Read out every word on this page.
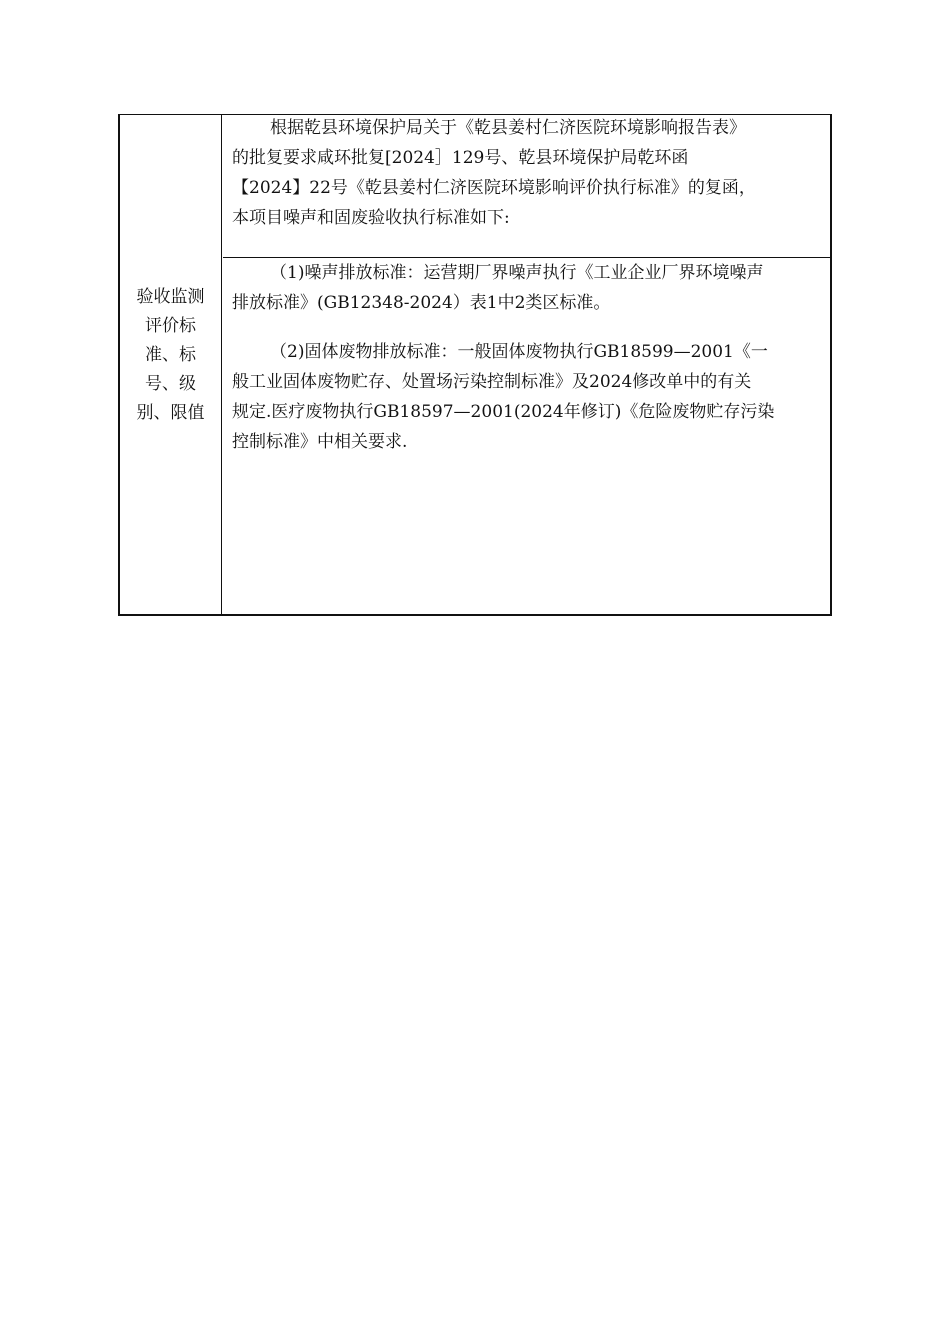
验收监测
评价标
准、标
号、级
别、限值
根据乾县环境保护局关于《乾县姜村仁济医院环境影响报告表》
的批复要求咸环批复[2024］129号、乾县环境保护局乾环函
【2024】22号《乾县姜村仁济医院环境影响评价执行标准》的复函，
本项目噪声和固废验收执行标准如下:
（1)噪声排放标准：运营期厂界噪声执行《工业企业厂界环境噪声
排放标准》(GB12348-2024）表1中2类区标准。
（2)固体废物排放标准：一般固体废物执行GB18599—2001《一
般工业固体废物贮存、处置场污染控制标准》及2024修改单中的有关
规定.医疗废物执行GB18597—2001(2024年修订)《危险废物贮存污染
控制标准》中相关要求.
